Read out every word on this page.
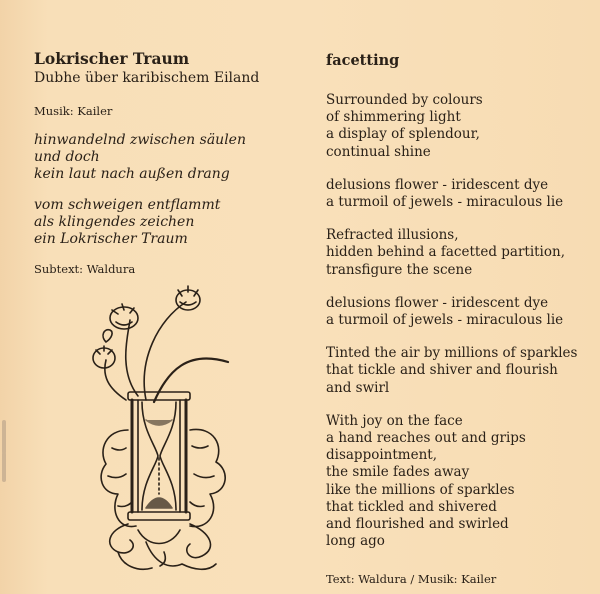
Lokrischer Traum
Dubhe über karibischem Eiland
Musik: Kailer
hinwandelnd zwischen säulen
und doch
kein laut nach außen drang
vom schweigen entflammt
als klingendes zeichen
ein Lokrischer Traum
Subtext: Waldura
facetting
Surrounded by colours
of shimmering light
a display of splendour,
continual shine
delusions flower - iridescent dye
a turmoil of jewels - miraculous lie
Refracted illusions,
hidden behind a facetted partition,
transfigure the scene
delusions flower - iridescent dye
a turmoil of jewels - miraculous lie
Tinted the air by millions of sparkles
that tickle and shiver and flourish
and swirl
With joy on the face
a hand reaches out and grips
disappointment,
the smile fades away
like the millions of sparkles
that tickled and shivered
and flourished and swirled
long ago
Text: Waldura / Musik: Kailer
